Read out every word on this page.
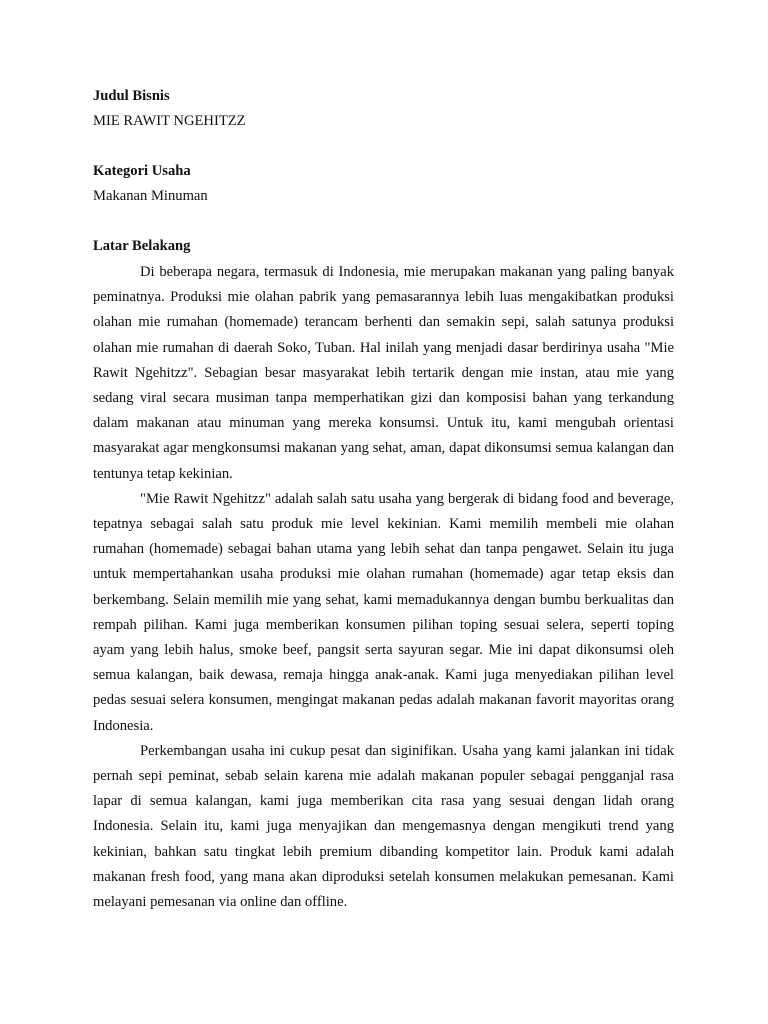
Judul Bisnis

MIE RAWIT NGEHITZZ

Kategori Usaha

Makanan Minuman

Latar Belakang

Di beberapa negara, termasuk di Indonesia, mie merupakan makanan yang paling banyak peminatnya. Produksi mie olahan pabrik yang pemasarannya lebih luas mengakibatkan produksi olahan mie rumahan (homemade) terancam berhenti dan semakin sepi, salah satunya produksi olahan mie rumahan di daerah Soko, Tuban. Hal inilah yang menjadi dasar berdirinya usaha "Mie Rawit Ngehitzz". Sebagian besar masyarakat lebih tertarik dengan mie instan, atau mie yang sedang viral secara musiman tanpa memperhatikan gizi dan komposisi bahan yang terkandung dalam makanan atau minuman yang mereka konsumsi. Untuk itu, kami mengubah orientasi masyarakat agar mengkonsumsi makanan yang sehat, aman, dapat dikonsumsi semua kalangan dan tentunya tetap kekinian.

"Mie Rawit Ngehitzz" adalah salah satu usaha yang bergerak di bidang food and beverage, tepatnya sebagai salah satu produk mie level kekinian. Kami memilih membeli mie olahan rumahan (homemade) sebagai bahan utama yang lebih sehat dan tanpa pengawet. Selain itu juga untuk mempertahankan usaha produksi mie olahan rumahan (homemade) agar tetap eksis dan berkembang. Selain memilih mie yang sehat, kami memadukannya dengan bumbu berkualitas dan rempah pilihan. Kami juga memberikan konsumen pilihan toping sesuai selera, seperti toping ayam yang lebih halus, smoke beef, pangsit serta sayuran segar. Mie ini dapat dikonsumsi oleh semua kalangan, baik dewasa, remaja hingga anak-anak. Kami juga menyediakan pilihan level pedas sesuai selera konsumen, mengingat makanan pedas adalah makanan favorit mayoritas orang Indonesia.

Perkembangan usaha ini cukup pesat dan siginifikan. Usaha yang kami jalankan ini tidak pernah sepi peminat, sebab selain karena mie adalah makanan populer sebagai pengganjal rasa lapar di semua kalangan, kami juga memberikan cita rasa yang sesuai dengan lidah orang Indonesia. Selain itu, kami juga menyajikan dan mengemasnya dengan mengikuti trend yang kekinian, bahkan satu tingkat lebih premium dibanding kompetitor lain. Produk kami adalah makanan fresh food, yang mana akan diproduksi setelah konsumen melakukan pemesanan. Kami melayani pemesanan via online dan offline.
